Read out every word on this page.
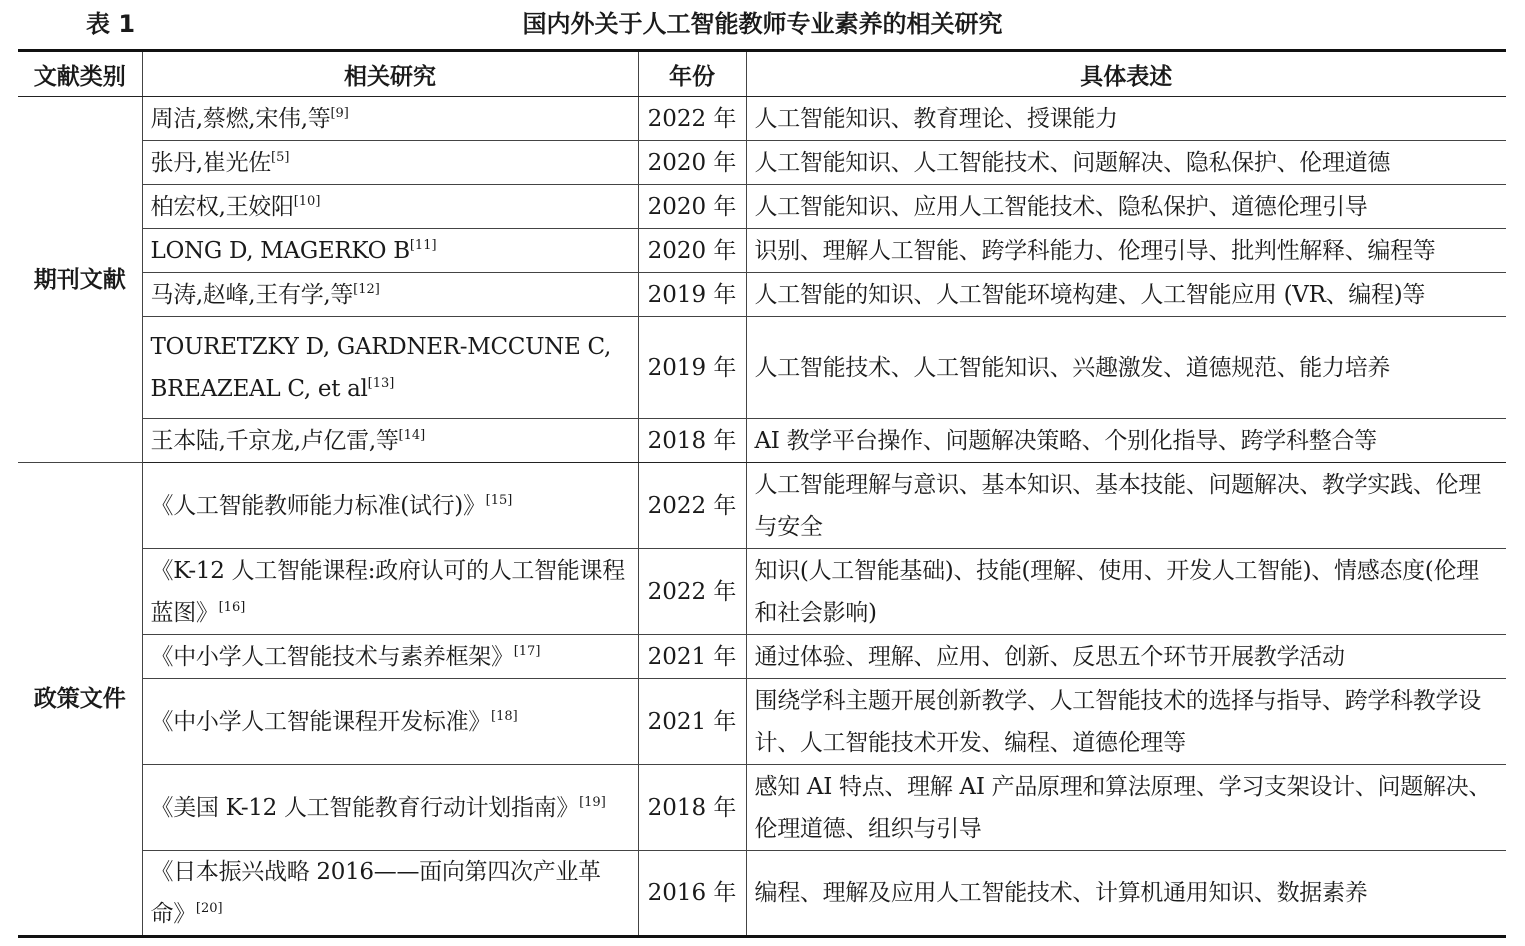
表 1	国内外关于人工智能教师专业素养的相关研究
文献类别	相关研究	年份	具体表述
期刊文献	周洁,蔡燃,宋伟,等[9]	2022 年	人工智能知识、教育理论、授课能力
	张丹,崔光佐[5]	2020 年	人工智能知识、人工智能技术、问题解决、隐私保护、伦理道德
	柏宏权,王姣阳[10]	2020 年	人工智能知识、应用人工智能技术、隐私保护、道德伦理引导
	LONG D, MAGERKO B[11]	2020 年	识别、理解人工智能、跨学科能力、伦理引导、批判性解释、编程等
	马涛,赵峰,王有学,等[12]	2019 年	人工智能的知识、人工智能环境构建、人工智能应用 (VR、编程)等
	TOURETZKY D, GARDNER-MCCUNE C, BREAZEAL C, et al[13]	2019 年	人工智能技术、人工智能知识、兴趣激发、道德规范、能力培养
	王本陆,千京龙,卢亿雷,等[14]	2018 年	AI 教学平台操作、问题解决策略、个别化指导、跨学科整合等
政策文件	《人工智能教师能力标准(试行)》[15]	2022 年	人工智能理解与意识、基本知识、基本技能、问题解决、教学实践、伦理与安全
	《K-12 人工智能课程:政府认可的人工智能课程蓝图》[16]	2022 年	知识(人工智能基础)、技能(理解、使用、开发人工智能)、情感态度(伦理和社会影响)
	《中小学人工智能技术与素养框架》[17]	2021 年	通过体验、理解、应用、创新、反思五个环节开展教学活动
	《中小学人工智能课程开发标准》[18]	2021 年	围绕学科主题开展创新教学、人工智能技术的选择与指导、跨学科教学设计、人工智能技术开发、编程、道德伦理等
	《美国 K-12 人工智能教育行动计划指南》[19]	2018 年	感知 AI 特点、理解 AI 产品原理和算法原理、学习支架设计、问题解决、伦理道德、组织与引导
	《日本振兴战略 2016——面向第四次产业革命》[20]	2016 年	编程、理解及应用人工智能技术、计算机通用知识、数据素养
